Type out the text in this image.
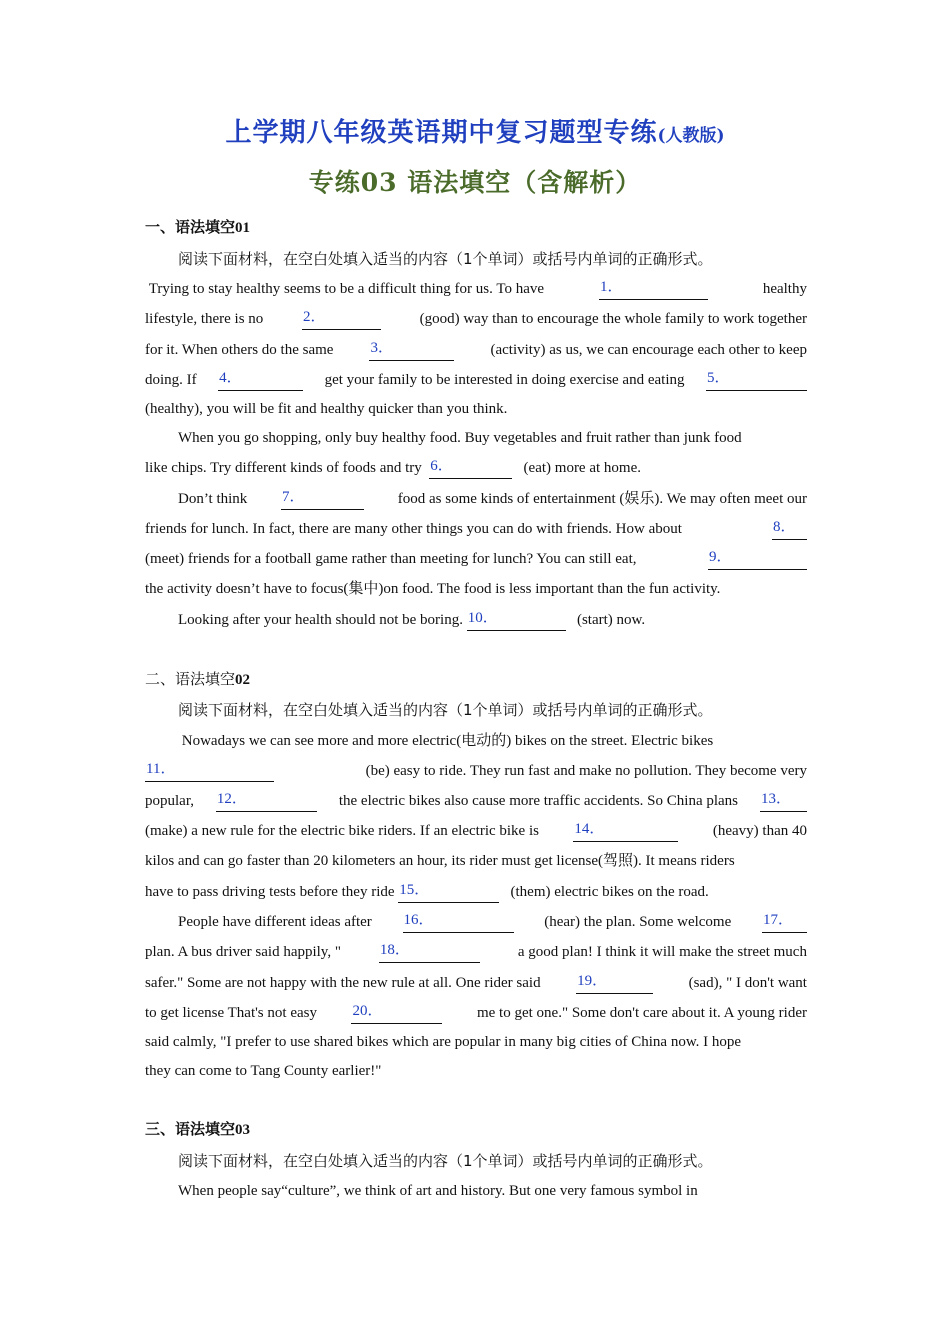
上学期八年级英语期中复习题型专练(人教版)
专练03 语法填空（含解析）
一、语法填空01
阅读下面材料，在空白处填入适当的内容（1个单词）或括号内单词的正确形式。
Trying to stay healthy seems to be a difficult thing for us. To have	1．	healthy
lifestyle, there is no	2．	(good) way than to encourage the whole family to work together
for it. When others do the same 3．	(activity) as us, we can encourage each other to keep
doing. If 4．	get your family to be interested in doing exercise and eating 5．
(healthy), you will be fit and healthy quicker than you think.
When you go shopping, only buy healthy food. Buy vegetables and fruit rather than junk food
like chips. Try different kinds of foods and try
6．
	(eat) more at home.
Don’t think 7．	food as some kinds of entertainment (娱乐). We may often meet our
friends for lunch. In fact, there are many other things you can do with friends. How about	8．
(meet) friends for a football game rather than meeting for lunch? You can still eat,	9．
the activity doesn’t have to focus(集中)on food. The food is less important than the fun activity.
Looking after your health should not be boring.
10．
	(start) now.
二、语法填空02
阅读下面材料，在空白处填入适当的内容（1个单词）或括号内单词的正确形式。
Nowadays we can see more and more electric(电动的) bikes on the street. Electric bikes
11．	(be) easy to ride. They run fast and make no pollution. They become very
popular, 12．	the electric bikes also cause more traffic accidents. So China plans 13．
(make) a new rule for the electric bike riders. If an electric bike is 14．	(heavy) than 40
kilos and can go faster than 20 kilometers an hour, its rider must get license(驾照). It means riders
have to pass driving tests before they ride
15．
	(them) electric bikes on the road.
People have different ideas after 16．	(hear) the plan. Some welcome 17．
plan. A bus driver said happily, "	18．	a good plan! I think it will make the street much
safer." Some are not happy with the new rule at all. One rider said 19．	(sad), " I don't want
to get license That's not easy 20．	me to get one." Some don't care about it. A young rider
said calmly, "I prefer to use shared bikes which are popular in many big cities of China now. I hope
they can come to Tang County earlier!"
三、语法填空03
阅读下面材料，在空白处填入适当的内容（1个单词）或括号内单词的正确形式。
When people say“culture”, we think of art and history. But one very famous symbol in
